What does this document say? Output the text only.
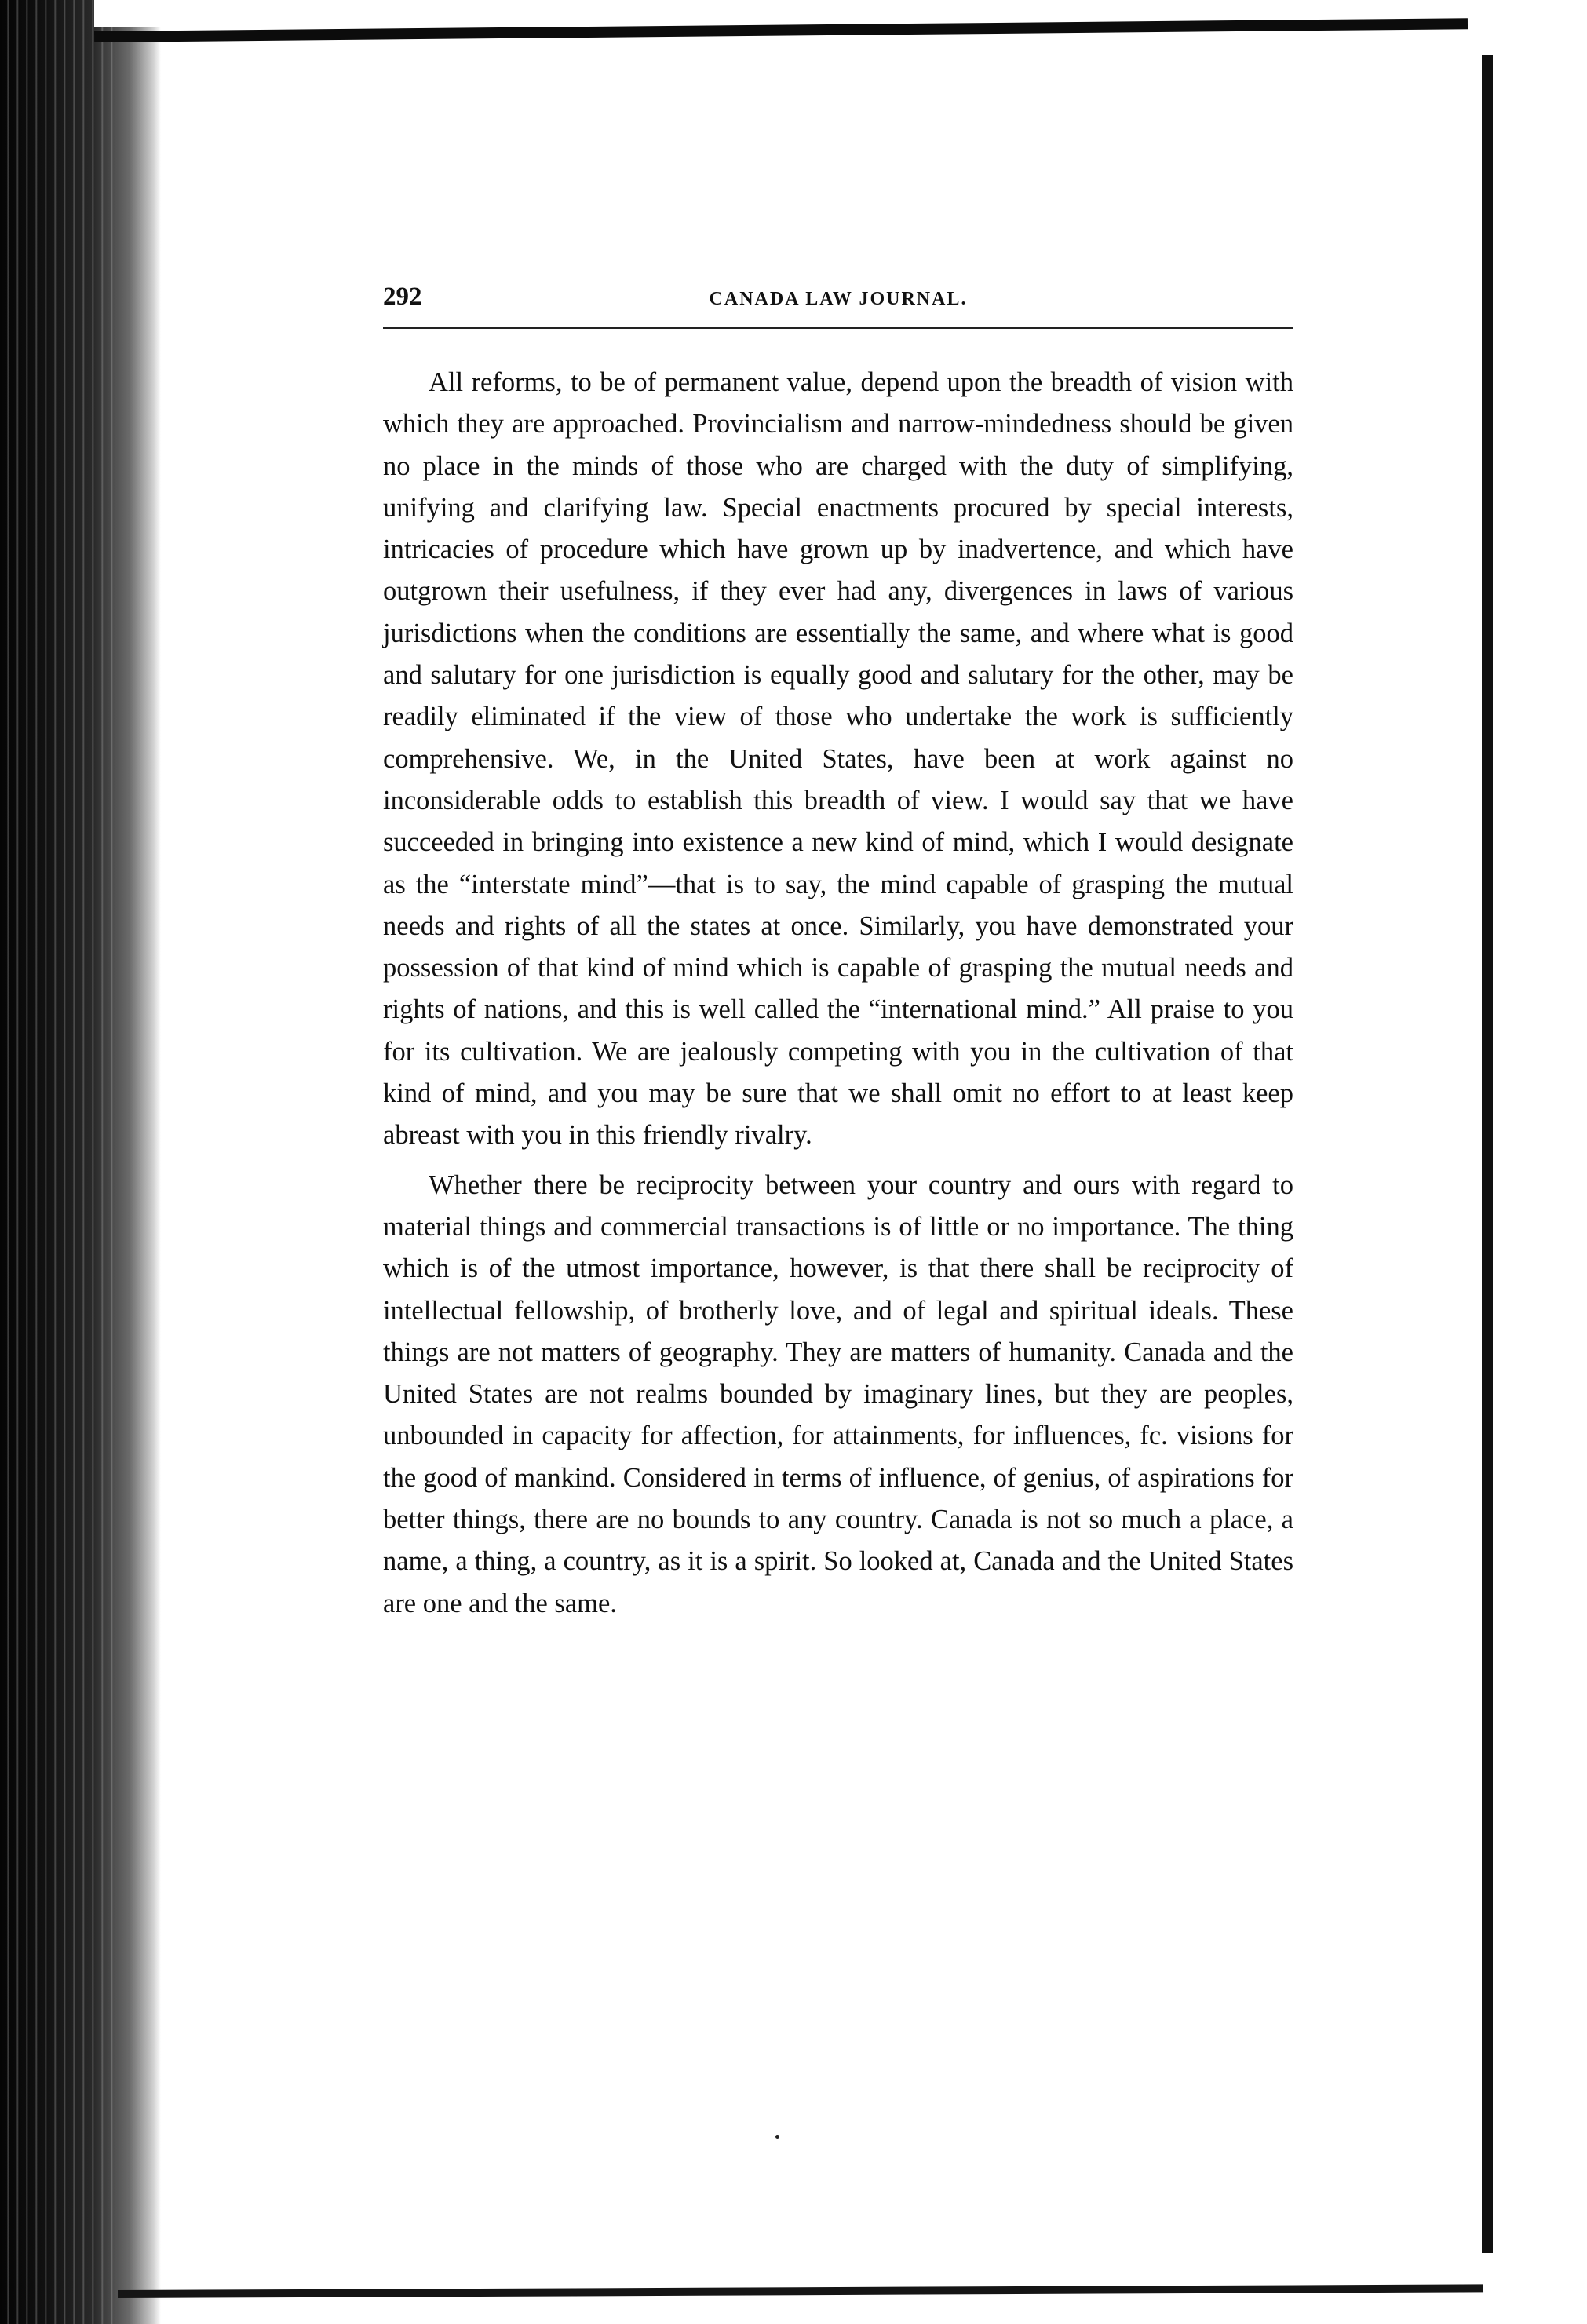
292	CANADA LAW JOURNAL.

All reforms, to be of permanent value, depend upon the breadth of vision with which they are approached. Provincialism and narrow-mindedness should be given no place in the minds of those who are charged with the duty of simplifying, unifying and clarifying law. Special enactments procured by special interests, intricacies of procedure which have grown up by inadvertence, and which have outgrown their usefulness, if they ever had any, divergences in laws of various jurisdictions when the conditions are essentially the same, and where what is good and salutary for one jurisdiction is equally good and salutary for the other, may be readily eliminated if the view of those who undertake the work is sufficiently comprehensive. We, in the United States, have been at work against no inconsiderable odds to establish this breadth of view. I would say that we have succeeded in bringing into existence a new kind of mind, which I would designate as the “interstate mind”—that is to say, the mind capable of grasping the mutual needs and rights of all the states at once. Similarly, you have demonstrated your possession of that kind of mind which is capable of grasping the mutual needs and rights of nations, and this is well called the “international mind.” All praise to you for its cultivation. We are jealously competing with you in the cultivation of that kind of mind, and you may be sure that we shall omit no effort to at least keep abreast with you in this friendly rivalry.

Whether there be reciprocity between your country and ours with regard to material things and commercial transactions is of little or no importance. The thing which is of the utmost importance, however, is that there shall be reciprocity of intellectual fellowship, of brotherly love, and of legal and spiritual ideals. These things are not matters of geography. They are matters of humanity. Canada and the United States are not realms bounded by imaginary lines, but they are peoples, unbounded in capacity for affection, for attainments, for influences, fc. visions for the good of mankind. Considered in terms of influence, of genius, of aspirations for better things, there are no bounds to any country. Canada is not so much a place, a name, a thing, a country, as it is a spirit. So looked at, Canada and the United States are one and the same.
